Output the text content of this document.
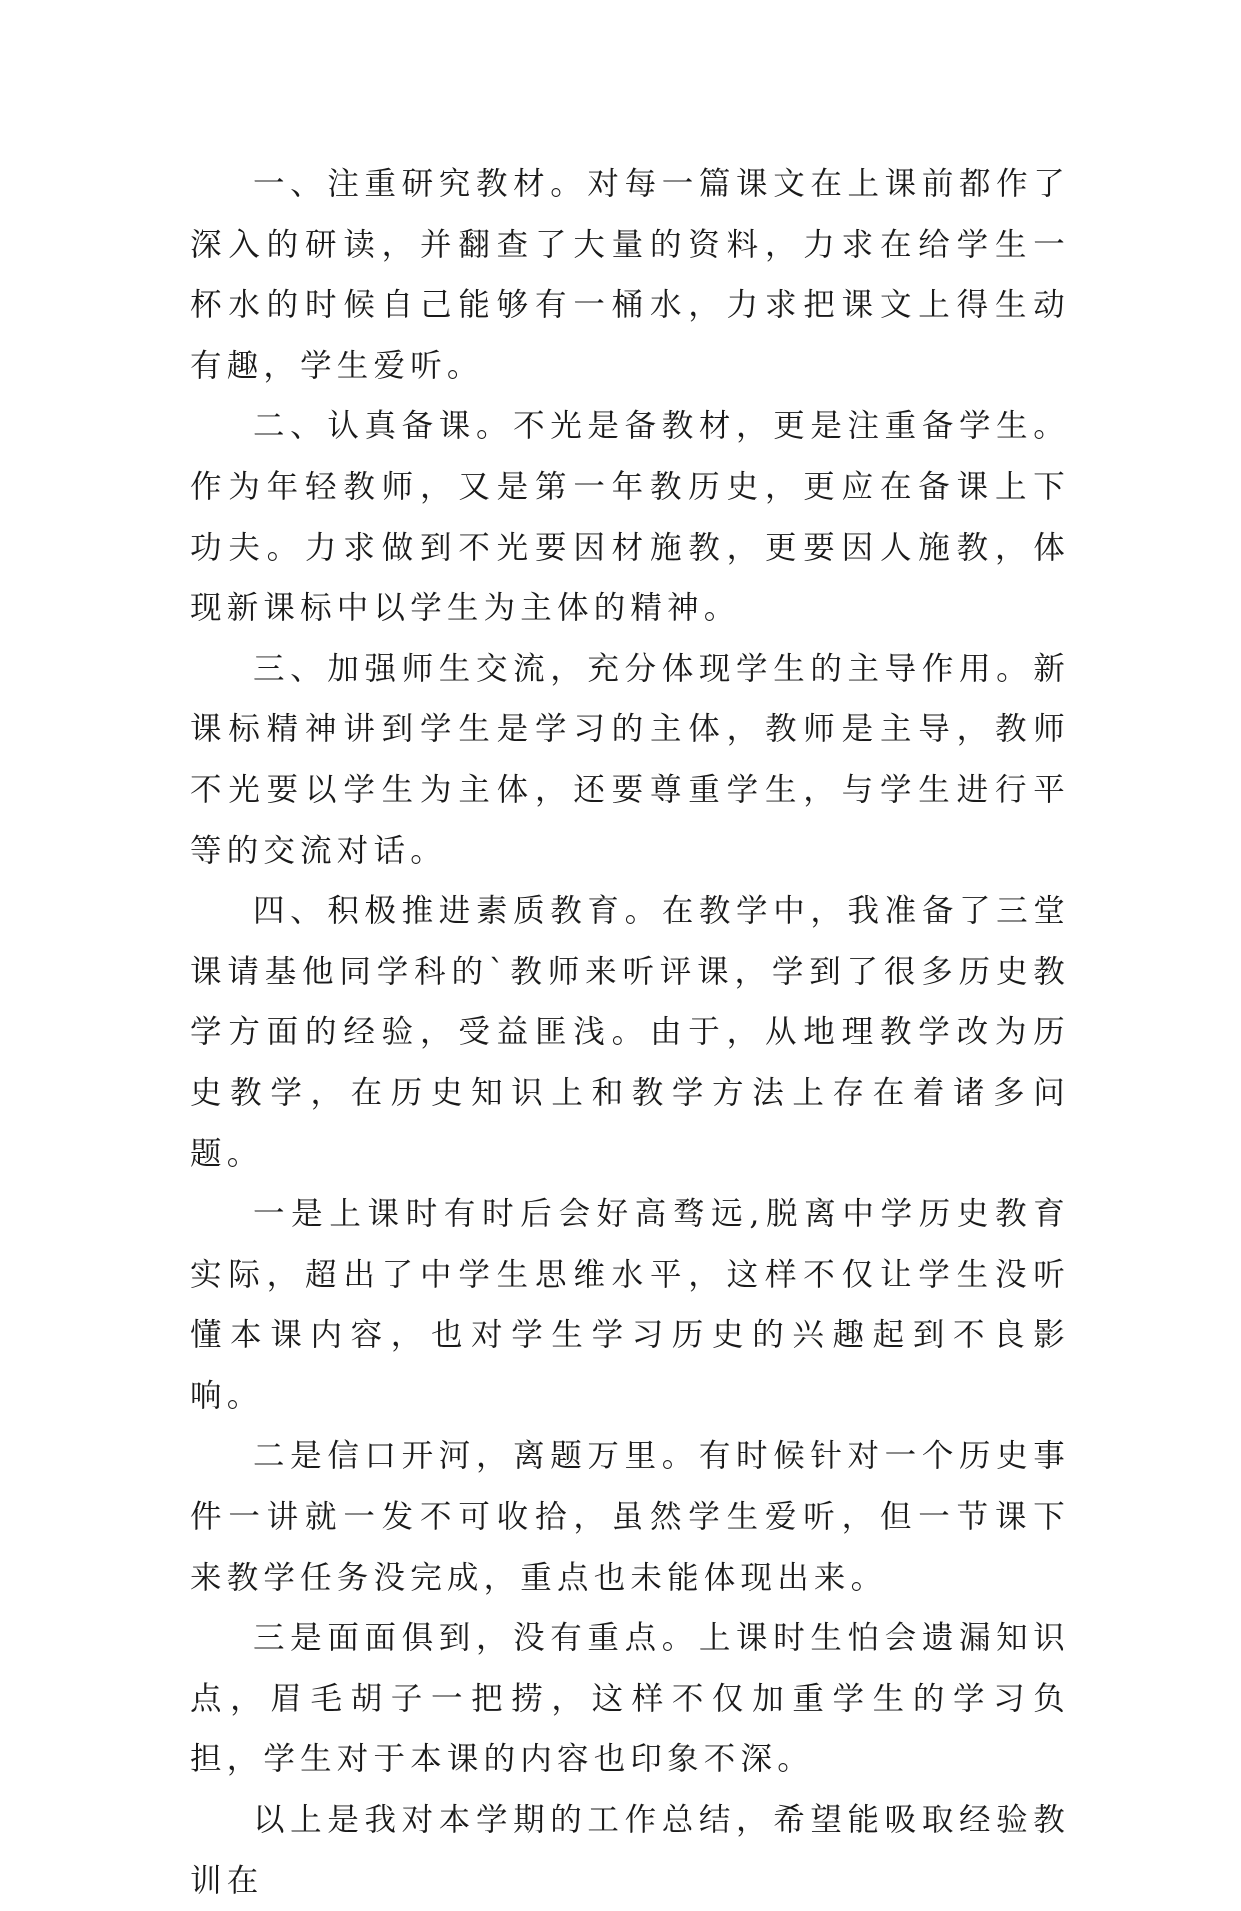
一、注重研究教材。对每一篇课文在上课前都作了深入的研读，并翻查了大量的资料，力求在给学生一杯水的时候自己能够有一桶水，力求把课文上得生动有趣，学生爱听。

二、认真备课。不光是备教材，更是注重备学生。作为年轻教师，又是第一年教历史，更应在备课上下功夫。力求做到不光要因材施教，更要因人施教，体现新课标中以学生为主体的精神。

三、加强师生交流，充分体现学生的主导作用。新课标精神讲到学生是学习的主体，教师是主导，教师不光要以学生为主体，还要尊重学生，与学生进行平等的交流对话。

四、积极推进素质教育。在教学中，我准备了三堂课请基他同学科的`教师来听评课，学到了很多历史教学方面的经验，受益匪浅。由于，从地理教学改为历史教学，在历史知识上和教学方法上存在着诸多问题。

一是上课时有时后会好高骛远,脱离中学历史教育实际，超出了中学生思维水平，这样不仅让学生没听懂本课内容，也对学生学习历史的兴趣起到不良影响。

二是信口开河，离题万里。有时候针对一个历史事件一讲就一发不可收拾，虽然学生爱听，但一节课下来教学任务没完成，重点也未能体现出来。

三是面面俱到，没有重点。上课时生怕会遗漏知识点，眉毛胡子一把捞，这样不仅加重学生的学习负担，学生对于本课的内容也印象不深。

以上是我对本学期的工作总结，希望能吸取经验教训在
